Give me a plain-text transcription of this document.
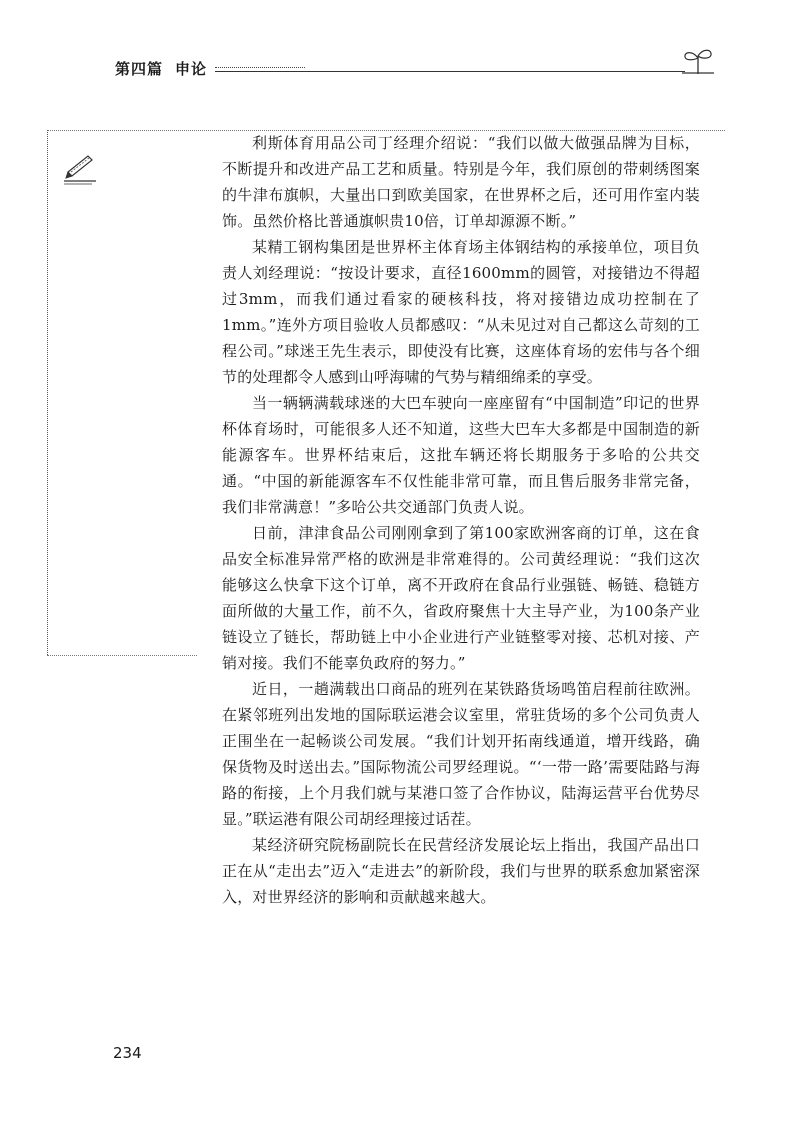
第四篇 申论

利斯体育用品公司丁经理介绍说：“我们以做大做强品牌为目标，不断提升和改进产品工艺和质量。特别是今年，我们原创的带刺绣图案的牛津布旗帜，大量出口到欧美国家，在世界杯之后，还可用作室内装饰。虽然价格比普通旗帜贵10倍，订单却源源不断。”

某精工钢构集团是世界杯主体育场主体钢结构的承接单位，项目负责人刘经理说：“按设计要求，直径1600mm的圆管，对接错边不得超过3mm，而我们通过看家的硬核科技，将对接错边成功控制在了1mm。”连外方项目验收人员都感叹：“从未见过对自己都这么苛刻的工程公司。”球迷王先生表示，即使没有比赛，这座体育场的宏伟与各个细节的处理都令人感到山呼海啸的气势与精细绵柔的享受。

当一辆辆满载球迷的大巴车驶向一座座留有“中国制造”印记的世界杯体育场时，可能很多人还不知道，这些大巴车大多都是中国制造的新能源客车。世界杯结束后，这批车辆还将长期服务于多哈的公共交通。“中国的新能源客车不仅性能非常可靠，而且售后服务非常完备，我们非常满意！”多哈公共交通部门负责人说。

日前，津津食品公司刚刚拿到了第100家欧洲客商的订单，这在食品安全标准异常严格的欧洲是非常难得的。公司黄经理说：“我们这次能够这么快拿下这个订单，离不开政府在食品行业强链、畅链、稳链方面所做的大量工作，前不久，省政府聚焦十大主导产业，为100条产业链设立了链长，帮助链上中小企业进行产业链整零对接、芯机对接、产销对接。我们不能辜负政府的努力。”

近日，一趟满载出口商品的班列在某铁路货场鸣笛启程前往欧洲。在紧邻班列出发地的国际联运港会议室里，常驻货场的多个公司负责人正围坐在一起畅谈公司发展。“我们计划开拓南线通道，增开线路，确保货物及时送出去。”国际物流公司罗经理说。“‘一带一路’需要陆路与海路的衔接，上个月我们就与某港口签了合作协议，陆海运营平台优势尽显。”联运港有限公司胡经理接过话茬。

某经济研究院杨副院长在民营经济发展论坛上指出，我国产品出口正在从“走出去”迈入“走进去”的新阶段，我们与世界的联系愈加紧密深入，对世界经济的影响和贡献越来越大。

234
